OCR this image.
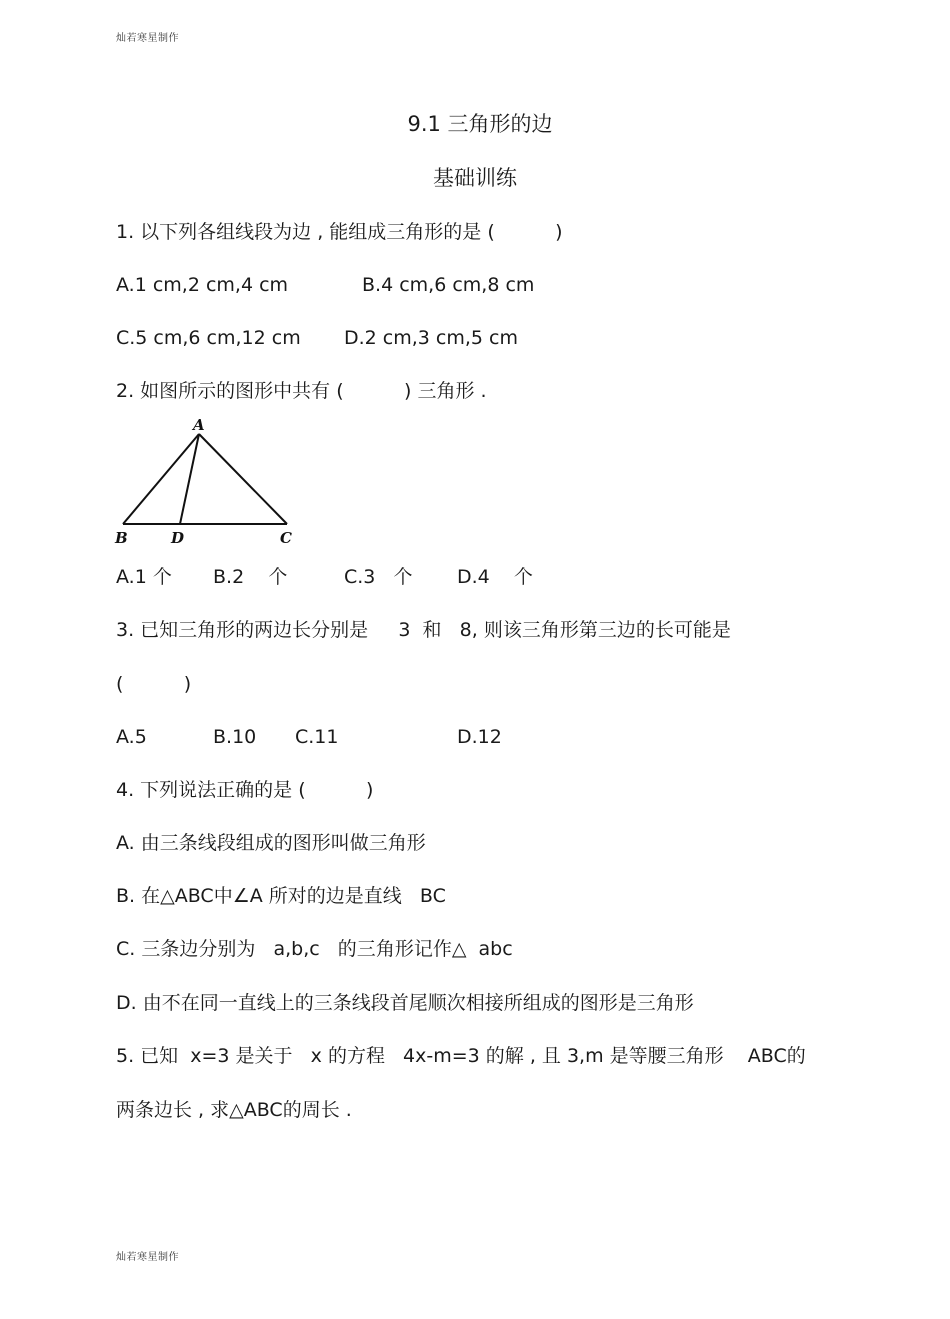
灿若寒星制作
9.1 三角形的边
基础训练
1. 以下列各组线段为边 , 能组成三角形的是 (          )
A.1 cm,2 cm,4 cm	B.4 cm,6 cm,8 cm
C.5 cm,6 cm,12 cm D.2 cm,3 cm,5 cm
2. 如图所示的图形中共有 (          ) 三角形 .
A
B	D	C
A.1 个 B.2    个	C.3   个 D.4    个
3. 已知三角形的两边长分别是     3  和   8, 则该三角形第三边的长可能是
(          )
A.5	B.10 C.11	D.12
4. 下列说法正确的是 (          )
A. 由三条线段组成的图形叫做三角形
B. 在△ABC中∠A 所对的边是直线   BC
C. 三条边分别为   a,b,c   的三角形记作△  abc
D. 由不在同一直线上的三条线段首尾顺次相接所组成的图形是三角形
5. 已知  x=3 是关于   x 的方程   4x-m=3 的解 , 且 3,m 是等腰三角形    ABC的
两条边长 , 求△ABC的周长 .
灿若寒星制作
